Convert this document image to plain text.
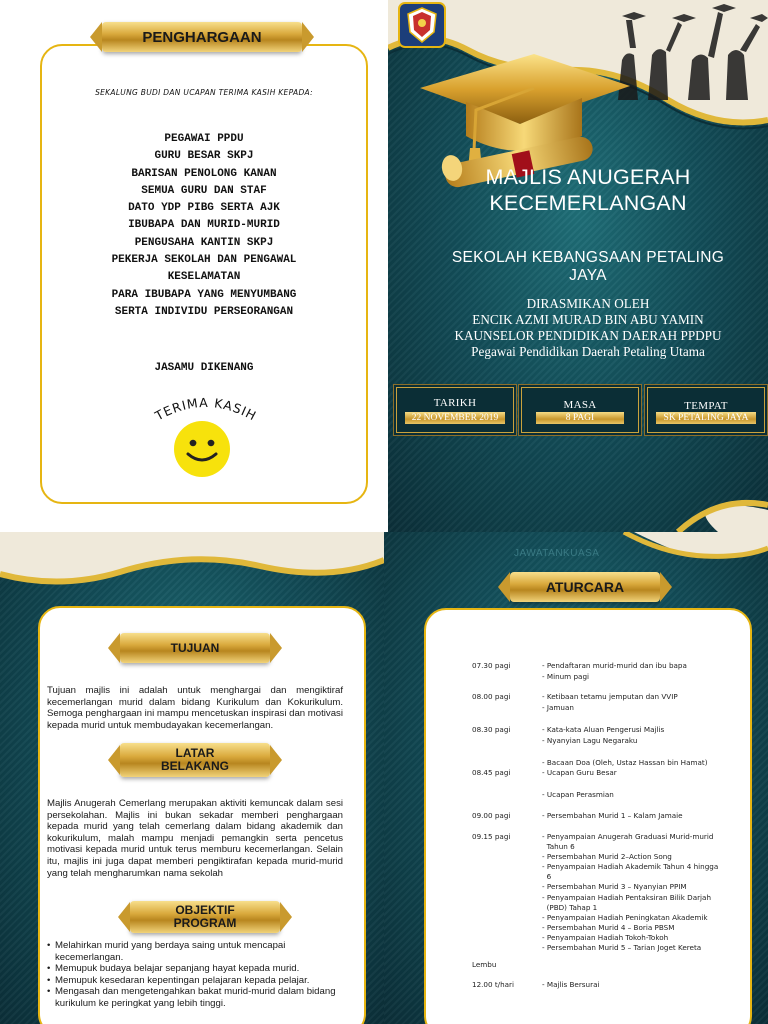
PENGHARGAAN
SEKALUNG BUDI DAN UCAPAN TERIMA KASIH KEPADA:
PEGAWAI PPDU
GURU BESAR SKPJ
BARISAN PENOLONG KANAN
SEMUA GURU DAN STAF
DATO YDP PIBG SERTA AJK
IBUBAPA DAN MURID-MURID
PENGUSAHA KANTIN SKPJ
PEKERJA SEKOLAH DAN PENGAWAL
KESELAMATAN
PARA IBUBAPA YANG MENYUMBANG
SERTA INDIVIDU PERSEORANGAN
JASAMU DIKENANG
TERIMA KASIH
MAJLIS ANUGERAH
KECEMERLANGAN
SEKOLAH KEBANGSAAN PETALING
JAYA
DIRASMIKAN OLEH
ENCIK AZMI MURAD BIN ABU YAMIN
KAUNSELOR PENDIDIKAN DAERAH PPDPU
Pegawai Pendidikan Daerah Petaling Utama
TARIKH
22 NOVEMBER 2019
MASA
8 PAGI
TEMPAT
SK PETALING JAYA
TUJUAN
Tujuan majlis ini adalah untuk menghargai dan mengiktiraf kecemerlangan murid dalam bidang Kurikulum dan Kokurikulum. Semoga penghargaan ini mampu mencetuskan inspirasi dan motivasi kepada murid untuk membudayakan kecemerlangan.
LATAR
BELAKANG
Majlis Anugerah Cemerlang merupakan aktiviti kemuncak dalam sesi persekolahan. Majlis ini bukan sekadar memberi penghargaan kepada murid yang telah cemerlang dalam bidang akademik dan kokurikulum, malah mampu menjadi pemangkin serta pencetus motivasi kepada murid untuk terus memburu kecemerlangan. Selain itu, majlis ini juga dapat memberi pengiktirafan kepada murid-murid yang telah mengharumkan nama sekolah
OBJEKTIF
PROGRAM
• Melahirkan murid yang berdaya saing untuk mencapai kecemerlangan.
• Memupuk budaya belajar sepanjang hayat kepada murid.
• Memupuk kesedaran kepentingan pelajaran kepada pelajar.
• Mengasah dan mengetengahkan bakat murid-murid dalam bidang kurikulum ke peringkat yang lebih tinggi.
JAWATANKUASA
ATURCARA
07.30 pagi	- Pendaftaran murid-murid dan ibu bapa
- Minum pagi
08.00 pagi	- Ketibaan tetamu jemputan dan VVIP
- Jamuan
08.30 pagi	- Kata-kata Aluan Pengerusi Majlis
- Nyanyian Lagu Negaraku
- Bacaan Doa (Oleh, Ustaz Hassan bin Hamat)
08.45 pagi	- Ucapan Guru Besar
- Ucapan Perasmian
09.00 pagi	- Persembahan Murid 1 – Kalam Jamaie
09.15 pagi	- Penyampaian Anugerah Graduasi Murid-murid
Tahun 6
- Persembahan Murid 2–Action Song
- Penyampaian Hadiah Akademik Tahun 4 hingga
6
- Persembahan Murid 3 – Nyanyian PPIM
- Penyampaian Hadiah Pentaksiran Bilik Darjah
(PBD) Tahap 1
- Penyampaian Hadiah Peningkatan Akademik
- Persembahan Murid 4 – Boria PBSM
- Penyampaian Hadiah Tokoh-Tokoh
- Persembahan Murid 5 – Tarian Joget Kereta
Lembu
12.00 t/hari	- Majlis Bersurai
